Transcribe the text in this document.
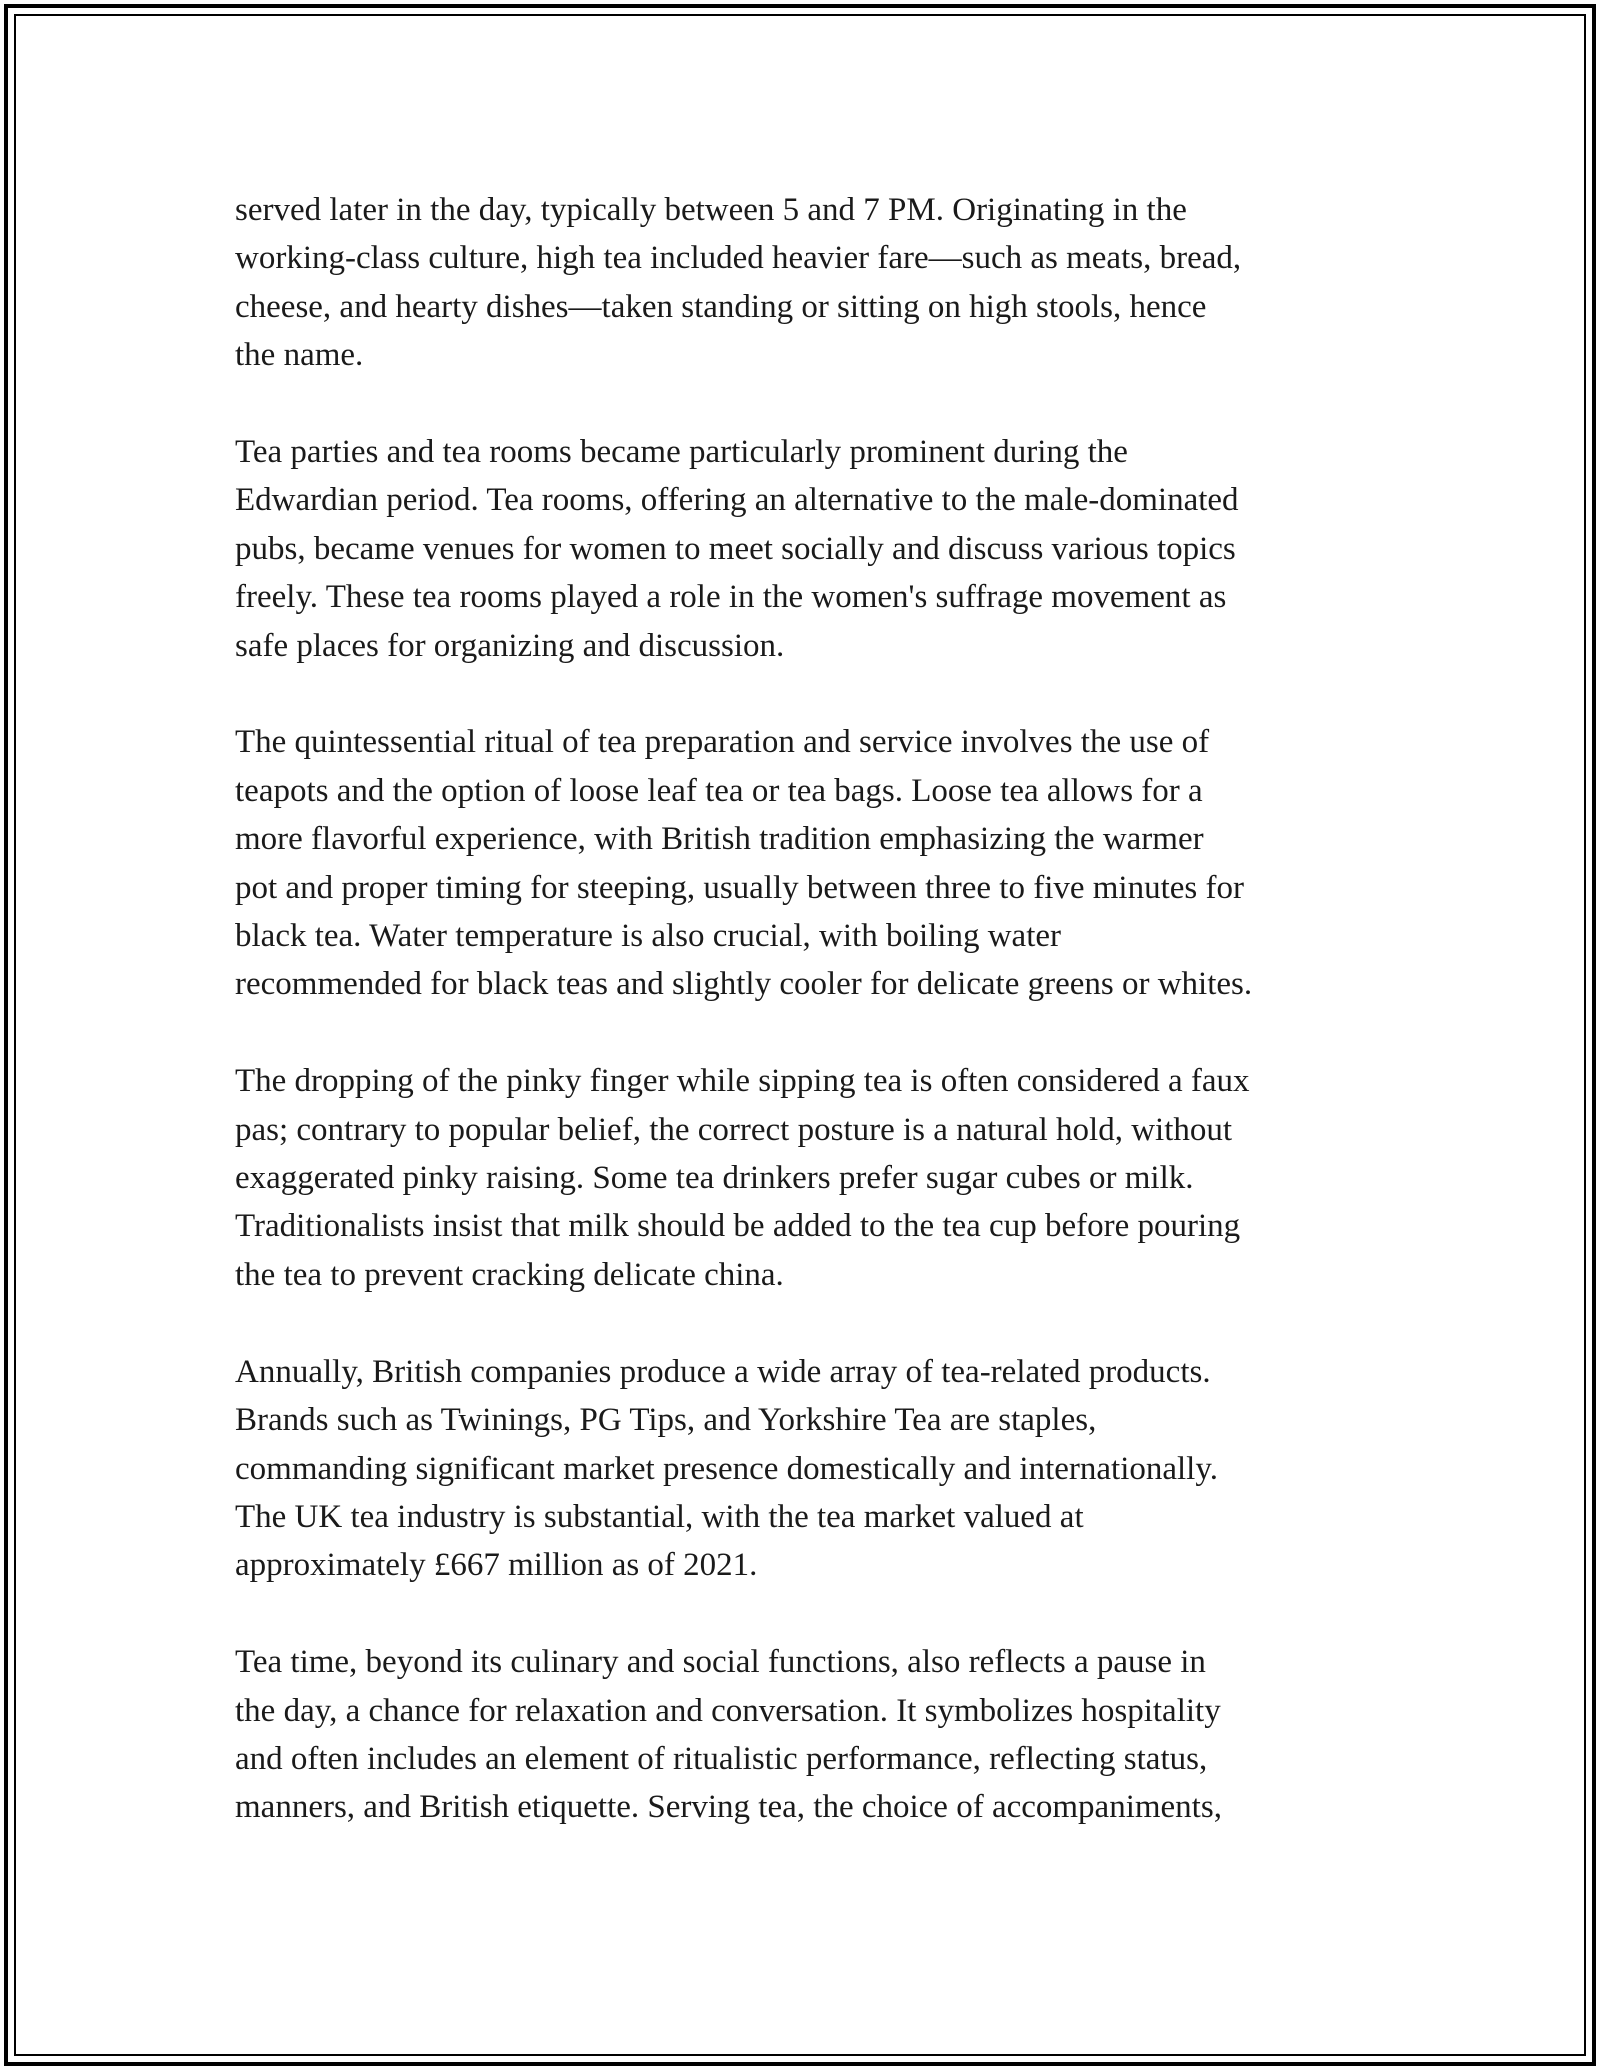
served later in the day, typically between 5 and 7 PM. Originating in the
working-class culture, high tea included heavier fare—such as meats, bread,
cheese, and hearty dishes—taken standing or sitting on high stools, hence
the name.

Tea parties and tea rooms became particularly prominent during the
Edwardian period. Tea rooms, offering an alternative to the male-dominated
pubs, became venues for women to meet socially and discuss various topics
freely. These tea rooms played a role in the women's suffrage movement as
safe places for organizing and discussion.

The quintessential ritual of tea preparation and service involves the use of
teapots and the option of loose leaf tea or tea bags. Loose tea allows for a
more flavorful experience, with British tradition emphasizing the warmer
pot and proper timing for steeping, usually between three to five minutes for
black tea. Water temperature is also crucial, with boiling water
recommended for black teas and slightly cooler for delicate greens or whites.

The dropping of the pinky finger while sipping tea is often considered a faux
pas; contrary to popular belief, the correct posture is a natural hold, without
exaggerated pinky raising. Some tea drinkers prefer sugar cubes or milk.
Traditionalists insist that milk should be added to the tea cup before pouring
the tea to prevent cracking delicate china.

Annually, British companies produce a wide array of tea-related products.
Brands such as Twinings, PG Tips, and Yorkshire Tea are staples,
commanding significant market presence domestically and internationally.
The UK tea industry is substantial, with the tea market valued at
approximately £667 million as of 2021.

Tea time, beyond its culinary and social functions, also reflects a pause in
the day, a chance for relaxation and conversation. It symbolizes hospitality
and often includes an element of ritualistic performance, reflecting status,
manners, and British etiquette. Serving tea, the choice of accompaniments,
